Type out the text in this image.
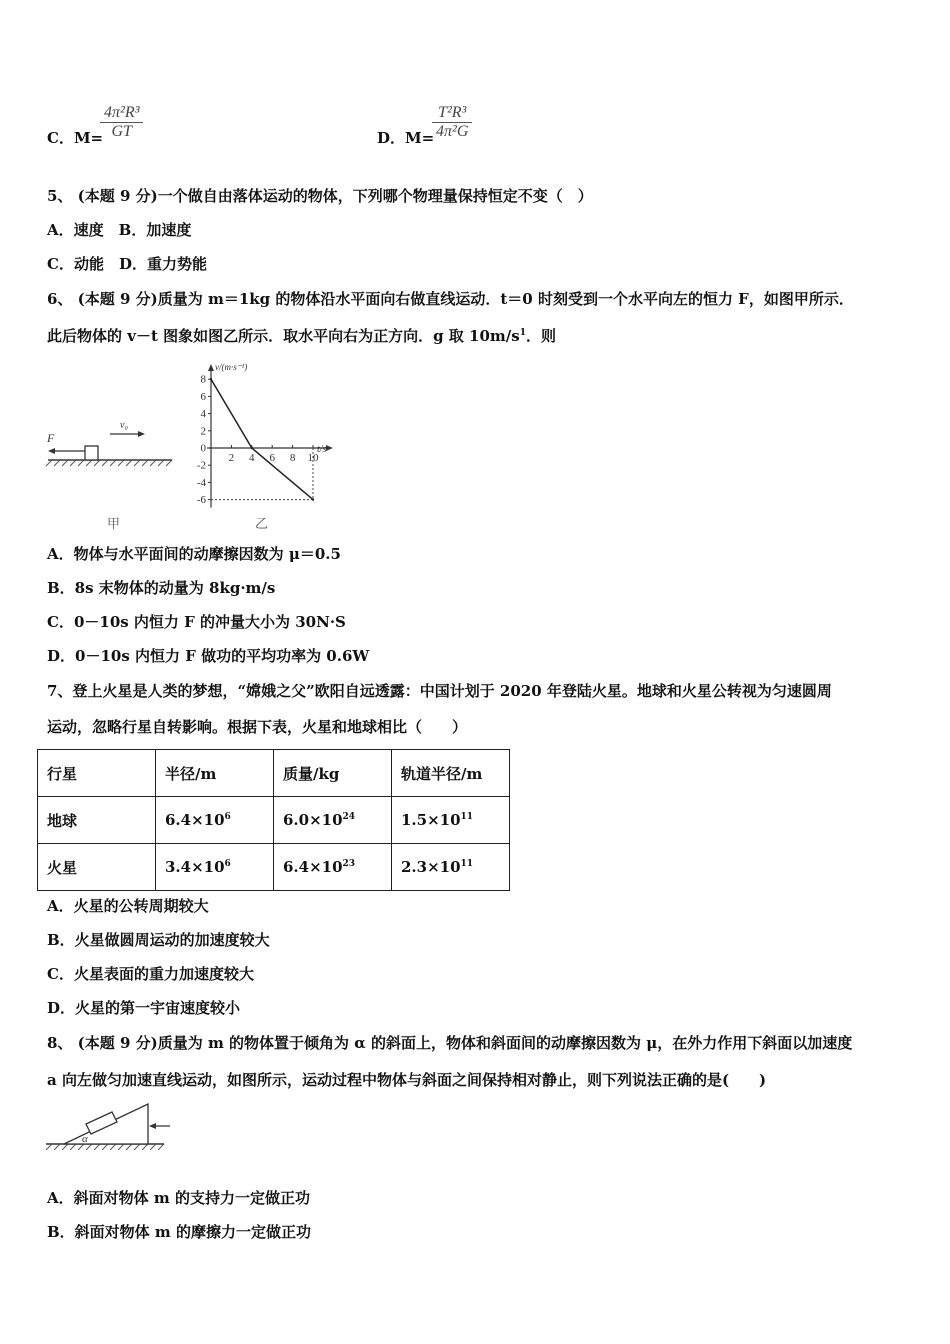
C．M=
$\frac{\text{4π²R³}}{GT}$	D．M=
$\frac{\text{T²R³}}{\text{4π²G}}$
5、 (本题 9 分)一个做自由落体运动的物体，下列哪个物理量保持恒定不变（　）
A．速度　B．加速度
C．动能　D．重力势能
6、 (本题 9 分)质量为 m＝1kg 的物体沿水平面向右做直线运动．t＝0 时刻受到一个水平向左的恒力 F，如图甲所示．
此后物体的 v－t 图象如图乙所示．取水平向右为正方向．g 取 $10m/s^1$．则
F
v₀
甲
v/(m·s⁻¹)
t/s
8
6
4
2
0
-2
-4
-6
2 4 6 8 10
乙
A．物体与水平面间的动摩擦因数为 μ＝0.5
B．8s 末物体的动量为 8kg·m/s
C．0－10s 内恒力 F 的冲量大小为 30N·S
D．0－10s 内恒力 F 做功的平均功率为 0.6W
7、登上火星是人类的梦想，“嫦娥之父”欧阳自远透露：中国计划于 2020 年登陆火星。地球和火星公转视为匀速圆周
运动，忽略行星自转影响。根据下表，火星和地球相比（　　）
行星	半径/m	质量/kg	轨道半径/m
地球	$6.4\times 10^6$	$6.0\times 10^{24}$	$1.5\times 10^{11}$
火星	$3.4\times 10^6$	$6.4\times 10^{23}$	$2.3\times 10^{11}$
A．火星的公转周期较大
B．火星做圆周运动的加速度较大
C．火星表面的重力加速度较大
D．火星的第一宇宙速度较小
8、 (本题 9 分)质量为 m 的物体置于倾角为 α 的斜面上，物体和斜面间的动摩擦因数为 μ，在外力作用下斜面以加速度
a 向左做匀加速直线运动，如图所示，运动过程中物体与斜面之间保持相对静止，则下列说法正确的是(　　)
α
A．斜面对物体 m 的支持力一定做正功
B．斜面对物体 m 的摩擦力一定做正功
